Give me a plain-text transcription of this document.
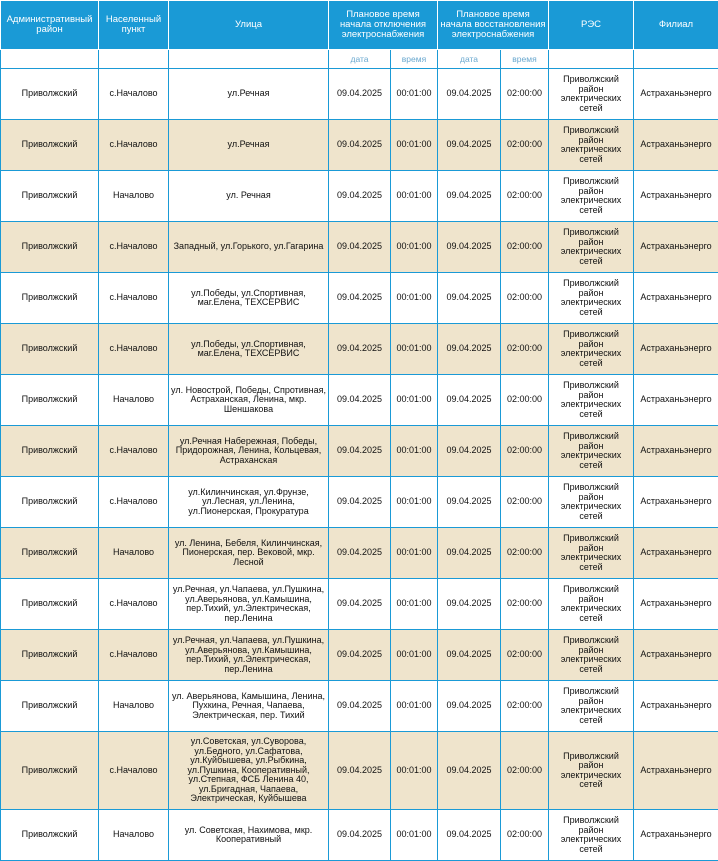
Административный район	Населенный пункт	Улица	Плановое время начала отключения электроснабжения		Плановое время начала восстановления электроснабжения		РЭС	Филиал
			дата	время	дата	время		
Приволжский	с.Началово	ул.Речная	09.04.2025	00:01:00	09.04.2025	02:00:00	Приволжский район электрических сетей	Астраханьэнерго
Приволжский	с.Началово	ул.Речная	09.04.2025	00:01:00	09.04.2025	02:00:00	Приволжский район электрических сетей	Астраханьэнерго
Приволжский	Началово	ул. Речная	09.04.2025	00:01:00	09.04.2025	02:00:00	Приволжский район электрических сетей	Астраханьэнерго
Приволжский	с.Началово	Западный, ул.Горького, ул.Гагарина	09.04.2025	00:01:00	09.04.2025	02:00:00	Приволжский район электрических сетей	Астраханьэнерго
Приволжский	с.Началово	ул.Победы, ул.Спортивная, маг.Елена, ТЕХСЕРВИС	09.04.2025	00:01:00	09.04.2025	02:00:00	Приволжский район электрических сетей	Астраханьэнерго
Приволжский	с.Началово	ул.Победы, ул.Спортивная, маг.Елена, ТЕХСЕРВИС	09.04.2025	00:01:00	09.04.2025	02:00:00	Приволжский район электрических сетей	Астраханьэнерго
Приволжский	Началово	ул. Новострой, Победы, Спротивная, Астраханская, Ленина, мкр. Шеншакова	09.04.2025	00:01:00	09.04.2025	02:00:00	Приволжский район электрических сетей	Астраханьэнерго
Приволжский	с.Началово	ул.Речная Набережная, Победы, Придорожная, Ленина, Кольцевая, Астраханская	09.04.2025	00:01:00	09.04.2025	02:00:00	Приволжский район электрических сетей	Астраханьэнерго
Приволжский	с.Началово	ул.Килинчинская, ул.Фрунзе, ул.Лесная, ул.Ленина, ул.Пионерская, Прокуратура	09.04.2025	00:01:00	09.04.2025	02:00:00	Приволжский район электрических сетей	Астраханьэнерго
Приволжский	Началово	ул. Ленина, Бебеля, Килинчинская, Пионерская, пер. Вековой, мкр. Лесной	09.04.2025	00:01:00	09.04.2025	02:00:00	Приволжский район электрических сетей	Астраханьэнерго
Приволжский	с.Началово	ул.Речная, ул.Чапаева, ул.Пушкина, ул.Аверьянова, ул.Камышина, пер.Тихий, ул.Электрическая, пер.Ленина	09.04.2025	00:01:00	09.04.2025	02:00:00	Приволжский район электрических сетей	Астраханьэнерго
Приволжский	с.Началово	ул.Речная, ул.Чапаева, ул.Пушкина, ул.Аверьянова, ул.Камышина, пер.Тихий, ул.Электрическая, пер.Ленина	09.04.2025	00:01:00	09.04.2025	02:00:00	Приволжский район электрических сетей	Астраханьэнерго
Приволжский	Началово	ул. Аверьянова, Камышина, Ленина, Пухкина, Речная, Чапаева, Электрическая, пер. Тихий	09.04.2025	00:01:00	09.04.2025	02:00:00	Приволжский район электрических сетей	Астраханьэнерго
Приволжский	с.Началово	ул.Советская, ул.Суворова, ул.Бедного, ул.Сафатова, ул.Куйбышева, ул.Рыбкина, ул.Пушкина, Кооперативный, ул.Степная, ФСБ Ленина 40, ул.Бригадная, Чапаева, Электрическая, Куйбышева	09.04.2025	00:01:00	09.04.2025	02:00:00	Приволжский район электрических сетей	Астраханьэнерго
Приволжский	Началово	ул. Советская, Нахимова, мкр. Кооперативный	09.04.2025	00:01:00	09.04.2025	02:00:00	Приволжский район электрических сетей	Астраханьэнерго
